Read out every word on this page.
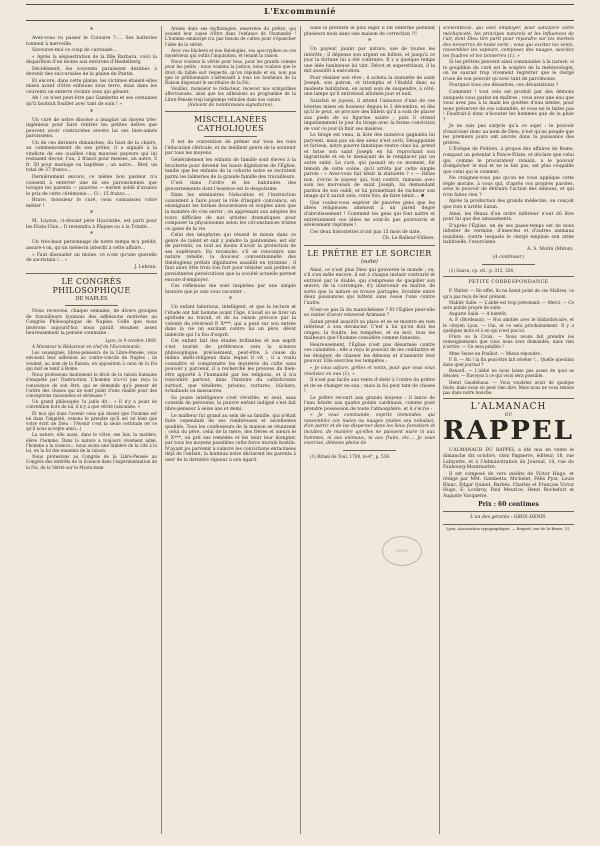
L'Excommunié
*

Avez-vous vu passer le Corsaire ?..... Ses batteries tonnent à merveille.

Savourez-moi ce coup de caronade...

« Après la séquestration de la fille Barbara, voici la disparition d'un moine aux environs d'Heidelberg.

Décidément, les couvents paraissent destinés à devenir des succursales de la plaine de Pantin.

Et encore, dans cette plaine, les victimes étaient-elles mises avant d'être enfouies sous terre, mais dans les couvents on enterre vivants ceux qui gênent.

Ah ! ce n'est peut-être pas Gambetta et ses centaines qu'il faudrait fouiller avec tant de soin ! »

*

Un curé de notre diocèse a imaginé un moyen très-ingénieux pour faire rentrer les petites dettes que peuvent avoir contractées envers lui ses bien-aimés paroissiens.

Un de ces derniers dimanches, du haut de la chaire, au commencement de son prône, il a signalé à la vindicte de ses ouailles cinq mauvais payeurs qui lui restaient devoir, l'un, 2 francs pour messes, un autre, 5 fr. 50 pour mariage ou baptême ; un autre... Bref, un total de 37 francs...

Dernièrement encore, ce même bon pasteur n'a consenti à enterrer une de ses paroissiennes que lorsque les parents — pauvres — eurent soldé d'avance le prix de cette cérémonie.... Ci : 15 francs....

Bravo, monsieur le curé, vous connaissez votre métier !

*

M. Loyson, ci-devant père Hyacinthe, est parti pour les États-Unis... Il reviendra à Pâques ou à la Trinité...

*

Un très-haut personnage de notre temps m'a prédit, assure-t-on, qu'un médecin interdit à cette affaire...

« Faut dissuader un moine, ce n'est qu'une querelle de sacristain !... »

J. Lebrun.
LE CONGRÈS PHILOSOPHIQUE
DE NAPLES

Nous recevons, chaque semaine, de divers groupes de travailleurs lyonnais des adhésions motivées au Congrès Philosophique de Naples. Celle que nous insérons aujourd'hui nous paraît résumer assez heureusement la pensée commune :

Lyon, le 9 octobre 1869.

A Monsieur le Rédacteur en chef de l'Excommunié,

Les soussignés, libres-penseurs de la Libre-Pensée, vous envoient leur adhésion au contre-concile de Naples ; ils veulent, au nom de la Raison, en opposition à celui de la Foi qui doit se tenir à Rome.

Nous professons hautement le droit de la raison humaine d'enquête par l'instruction. L'homme n'a-t-il pas reçu la conscience de son être, qui se demande qu'à penser de l'ordre des choses qui ne sont point d'une réalité pour des conceptions raisonnées et sérieuses ?

Un grand philosophe l'a jadis dit : « Il n'y a point de convention hors de lui, il n'y a que vérité raisonnée. »

Et moi qui dans l'avenir ceux qui disent que l'homme est né dans l'impiété, venons le prendre qu'il est né bien que votre écrit de Dieu : l'Avenir c'est la seule certitude (et ce qu'il nous accepte ainsi...)

La nature, elle aussi, dans le vôtre, ses lois, la matière, élève l'homme. Dans la nature a toujours vivement aimé, l'homme a la science... nous avons une lumière de la cité à la loi, en la foi des ennemis de la raison.

Nous protestons au Congrès de la Libre-Pensée au Congrès des intérêts de la Science dans l'expérimentation de la Foi, de la Vérité sur le Mysticisme.

Armée dans ses mythologies, enserrées du prêtre, qui avaient leur cause d'être dans l'enfance de l'humanité ! L'homme emancipé n'a pas besoin de cultes pour s'épancher l'idée de la vérité.

Avec vos bûchers et nos théologies, vos apocryphes ou ces mystérieux qui outils l'inquisition, et tenant la raison.

Nous voulons la vérité pour tous, pour les grands comme pour les petits ; nous voulons la justice, nous voulons que le droit du faible soit respecté, qu'on réponde et en, non pas que le pétitionnaire s'adressant à tous les bonheurs de la Raison disposant le secrétaire de la Foi.

Vouillez, monsieur le rédacteur, recevoir nos sympathies affectueuses, ainsi que les adhésions au programme de la Libre-Pensée trop longtemps refoulée dans nos cœurs.

(Suivent de nombreuses signatures).
MISCELLANÉES CATHOLIQUES

Il est de convention de prêner sur tous les tons l'éducation cléricale, et du meilleur genre de la soutenir par tous les moyens.

Généralement les enfants de famille sont élevés à la brochette pour devenir les hauts dignitaires de l'Église, tandis que les enfants de la cohorte noire se recrutent parmi les laïmeries de la grande famille des travailleurs.

C'est dans l'ordre et les habitudes des gouvernements dont l'essence est le despotisme.

Dans les séminaires l'éducation et l'instruction consistent à faire jouer le rôle d'inspiré convaincu, en enseignant les formes doucereuses et souples ainsi que la manière de s'en servir ; on apprenant aux adeptes les tours difficiles de nos artistes dramatiques pour composer la physionomie selon les circonstances tristes ou gaies de la vie.

Celui des néophytes qui réussit le mieux dans ce genre de talent et suit y joindre la pantomime, est sûr de parvenir, ou tout au moins d'avoir la protection de ses supérieurs. En revanche, s'il se rencontre une nature rebelle, la douceur conventionnelle des théologiens prélats dignitaires assaillit en tyrannie ; il faut alors être trois fois fort pour résister aux petites et persistantes persécutions que la société actuelle permet encore d'employer.

Ces réflexions me sont inspirées par une simple histoire que je vais vous raconter :

*

Un enfant laborieux, intelligent, et que la lecture et l'étude ont fait homme avant l'âge, n'avait su se tirer un aptitude au travail, et de sa raison précoce par la volonté du révérend P. X***, qui a posé sur son entrée dans la vie un excitant contre lui un père, dévot imbécile qui l'a fou d'esprit.

Cet enfant fait des études brillantes et son esprit s'est tourné de préférence vers la science philosophique, précisément, peut-être, à cause du milieu abêti-religieux dans lequel il vit ; il a voulu connaître et comprendre les mystères du culte sans pouvoir y parvenir, il a recherché les preuves du bien-être apporté à l'humanité par les religions, et il n'a rencontré partout, dans l'histoire du catholicisme surtout, que ténèbres, prisons, tortures, bûchers, échafauds ou massacres.

Sa jeune intelligence s'est révoltée, et seul, sans conseils de personne, la pauvre enfant indigné s'est fait libre-penseur à seize ans et demi.

Le malheur fut grand au sein de sa famille, qui n'était faire cependant de ses rombreuses et excellentes qualités. Tous les confesseurs de la maison se réunirent ; celui du père, celui de la mère, des frères et sœurs le P. X***, on prit ses remèdes et les tenir leur dompter, par tous les moyens possibles cette force morale hostile. N'ayant pu parvenir à vaincre les convictions enracinées déjà de l'enfant, la honteux noire déclarent les parents à user de la dernière rigueur à son égard.

Sans le prétexte le plus léger il fut enfermé pendant plusieurs mois dans une maison de correction !!!

*

Un payeur, jaunir par nature, use de toutes les intérêts ; il dépense son argent en billets, et jusqu'à ce jour la fortune lui a été contraire. Il y a quelque temps une idée lumineuse lui vint. Dévot et superstitieux, il la mit aussitôt à exécution.

Pour réaliser son rêve ; il acheta la statuette de saint Joseph, son patron, et triompha et l'établit dans sa modeste habitation, en ayant soin de suspendre, à côté, une lampe qu'il entretient allumée jour et nuit.

Satisfait et joyeux, il attend l'annonce d'une de ces loteries mises en honneur depuis le 2 décembre, et dès qu'il le peut, se procure des billets qu'il a soin de placer aux pieds de sa figurine sainte ; puis il attend impatiemment le jour du tirage avec la ferme conviction de voir ce jour-là finir ses misères.

Le tirage est venu, la liste des numéros gagnants lui parvient, mais pas un des siens n'est sorti. Désappointé et furieux, notre pauvre fanatique rentre chez lui, prend et brise son saint Joseph en lui reprochant son ingratitude et en le menaçant de le remplacer par un autre saint. Le curé, qui passait en ce moment, fut témoin de cette scène, qu'il arrêta par cette simple parole : « Avez-vous fait bénir la statuette ? » — Hélas non, s'écrie le payeur qui, tout contrit, ramassa avec soin les morceaux de saint Joseph, lui demandant pardon de son oubli, et lui promettant de racheter son image qu'il aurait soin, cette fois, de faire bénir.... ✱

Que voulez-vous espérer de pauvres gens que les idées religieuses amènent à un pareil degré d'abrutissement ! Comment les gens qui font naître et entretiennent ces idées ne sont-ils pas poursuivis et sévèrement réprimés !

Ces deux historiettes n'ont pas 15 mois de date.

Ch. Le Balleur-Villiers.
LE PRÊTRE ET LE SORCIER
(suite)

Ainsi, ce n'est plus Dieu qui gouverne le monde ; ou, s'il s'en mêle encore, il est à chaque instant contrarié et entravé par le diable, qui s'empresse de gaspiller son œuvre, de la corrompre, d'y intervenir en maître, de sorte que la nature se trouve partagée, livrallée entre deux puissances qui luttent sans cesse l'une contre l'autre.

N'est-ce pas là du manichéisme ? Et l'Église peut-elle se vanter d'avoir renversé Arimane ?

Satan prend aussitôt sa place et se se montre en rien inférieur à son devancier. C'est à lui qu'on doit les orages, la foudre, les tempêtes, et en mot, tous les malheurs que l'homme considère comme funestes.

Heureusement, l'Église n'est pas désarmée contre ces calamités ; elle a reçu le pouvoir de les combattre et les éloigner, de chasser les démons et d'anéantir leur pouvoir. Elle exorcise les tempêtes :

« Je vous adjure, grêles et vents, pour que vous vous résolviez en eau (1). »

Il n'est pas facile aux vents d'obéir à l'ordre du prêtre et de se changer en eau ; mais la foi peut tant de choses !

Le prêtre recourt aux grands moyens : il lance de l'eau bénite aux quatre points cardinaux, comme pour prendre possession de toute l'atmosphère, et il s'écrie :

« Je vous commande, esprits immondes, qui rassemblez ces nuées ou nuages (nubes seu nebulas), d'en partir et de les disperser dans les lieux forestiers et incultes, de manière qu'elles ne puissent nuire ni aux hommes, ni aux animaux, ni aux fruits, etc.... Je vous exorcise, démons pleins de

(1) Rituel de Toul, 1700, in-4°, p. 538.

scélératesse, qui osez employer, pour satisfaire votre méchanceté, les principes naturels et les influences de l'air, dont Dieu tire parti pour répandre sur les mortels des tonnerres de toute sorte ; vous qui excitez les vents, rassemblez les vapeurs, composez des nuages, suscitez les foudres et les tonnerres (1). »

Si les prêtres peuvent ainsi commander à la nature, si le goupillon du curé est le sceptre de la météorologie, on ne saurait trop vivement regretter que le clergé n'use de son pouvoir qu'avec tant de parcimonie.

Pourquoi tous ces désastres, ces dévastations ?

Comment ! tout cela est produit par des démons auxquels vous parlez en maîtres ; vous avez une eau que vous avez pas à la main les gouttes d'eau bénite, pour nous préserver de ces calamités, et vous ne le faites pas ! Faudrait-il donc n'écouter les hommes que de la pluie ?

Je ne suis pas surpris qu'à ce sujet : le pouvoir d'exorciser donc au nom de Dieu, n'est qu'au peuple que les premiers jours ont ancrés dans la puissance des prières.

L'Évêque de Poitiers, à propos des affaires de Rome, rompant un potentat à Ponce-Pilate, et déclare que celui qui, comme le procurateur romain, a le pouvoir d'empêcher le mal et ne le fait pas, est plus coupable que celui qui le commet.

Ne craignez-vous pas qu'on ne vous applique cette règle morale, à vous qui, d'après vos propres paroles, avez le pouvoir de détruire l'action des démons, et qui n'en faites rien ?

Après la production des grands médecins, on conçoit que rien n'arrête Satan.

Ainsi, les fléaux d'un ordre inférieur n'ont dû être pour lui que des amusements.

D'après l'Église, un de ses passe-temps est de nous infester de vermine, d'insectes et d'autres animaux nuisibles, contre lesquels le clergé emploie son arme habituelle, l'exorcisme.

A. S. Morin (Miron).
(A continuer.)

(1) Sanvu, cp. cit., p. 315, 324.

PETITE CORRESPONDANCE

P. Walter. — En effet, ils ne lisent point de ces Maîtres, ce qu'a pas reçu de leur prénom.

Mahler Salle. — L'abbé est trop prévenant. — Merci, — Ce sera publié propre de suite.

Auguste Salle. — A bientôt.

A. P. (Bordeaux). — Nos amitiés avec le bibliothécaire, et le citoyen Lyon. — Oui, et ce sera prochainement. Il y a quelques mots et à en qui n'est pas ici.

Frère ou la Croix. — Nous avons fait prendre les renseignements que vous nous avez demandés, mais rien n'arrive. — Ce sera pénible !

Mme Veuve en Poulbot. — Mieux répondre.

P. B. — Ah ! la fin peut-être fait révéler !... Quelle question dans quel journal ?

Benard. — L'abbé ne nous laisse pas assez de quoi se désoler. — Envoyez à ce qui vous sera possible.

Henri Gaudebaux. — Vous voudriez avoir de quelque faute, mais nous on peut rien dire. Mais nous ne vous tenons pas dans notre bouche.

L'ALMANACH
DU
RAPPEL

L'ALMANACH DU RAPPEL a été mis en vente le dimanche dix octobre, chez Pagnerre, éditeur, 18, rue Lafayette, et à l'Administration du Journal, 18, rue du Faubourg-Montmartre.

Il est composé de vers inédits de Victor Hugo, et rédigé par MM. Gambetta, Michelet, Félix Pyat, Louis Blanc, Edgar Quinet, Barbès, Charles et François Victor Hugo, E. Lockroy, Paul Meurice, Henri Rochefort et Auguste Vacquerie.

Prix : 60 centimes
L'un des gérants : GROS-DENIS.
Lyon, Association typographique, — Regard, rue de la Barre, 12.
LYON
